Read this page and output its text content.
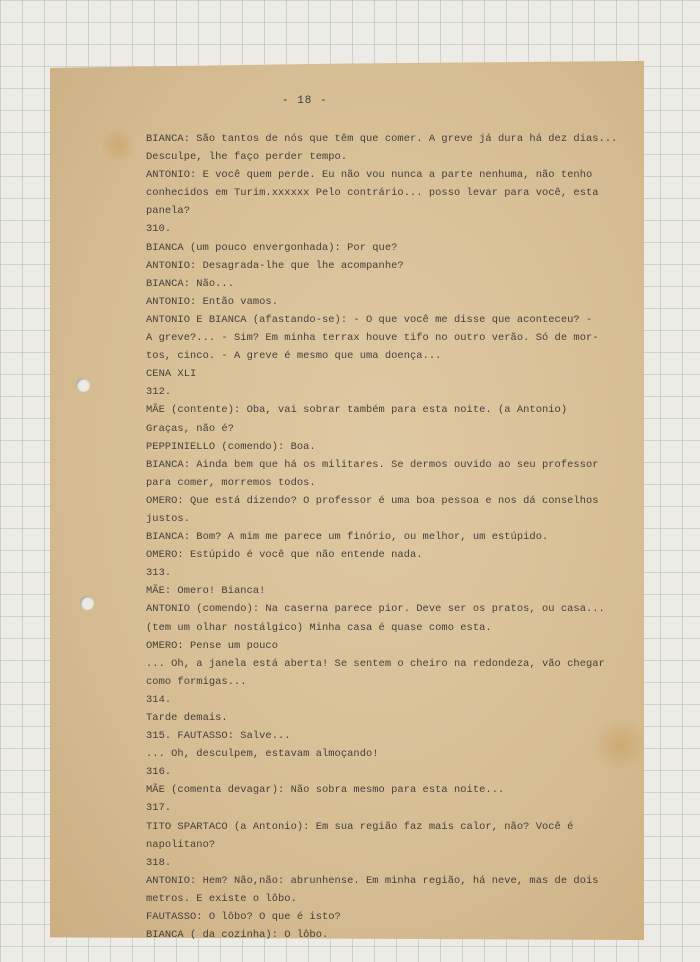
- 18 -
BIANCA: São tantos de nós que têm que comer. A greve já dura há dez dias...
Desculpe, lhe faço perder tempo.
ANTONIO: E você quem perde. Eu não vou nunca a parte nenhuma, não tenho
conhecidos em Turim.xxxxxx Pelo contrário... posso levar para você, esta
panela?
310.
BIANCA (um pouco envergonhada): Por que?
ANTONIO: Desagrada-lhe que lhe acompanhe?
BIANCA: Não...
ANTONIO: Então vamos.
ANTONIO E BIANCA (afastando-se): - O que você me disse que aconteceu? -
A greve?... - Sim? Em minha terrax houve tifo no outro verão. Só de mor-
tos, cinco. - A greve é mesmo que uma doença...
CENA XLI
312.
MÃE (contente): Oba, vai sobrar também para esta noite. (a Antonio)
Graças, não é?
PEPPINIELLO (comendo): Boa.
BIANCA: Ainda bem que há os militares. Se dermos ouvido ao seu professor
para comer, morremos todos.
OMERO: Que está dizendo? O professor é uma boa pessoa e nos dá conselhos
justos.
BIANCA: Bom? A mim me parece um finório, ou melhor, um estúpido.
OMERO: Estúpido é você que não entende nada.
313.
MÃE: Omero! Bianca!
ANTONIO (comendo): Na caserna parece pior. Deve ser os pratos, ou casa...
(tem um olhar nostálgico) Minha casa é quase como esta.
OMERO: Pense um pouco
... Oh, a janela está aberta! Se sentem o cheiro na redondeza, vão chegar
como formigas...
314.
Tarde demais.
315. FAUTASSO: Salve...
... Oh, desculpem, estavam almoçando!
316.
MÃE (comenta devagar): Não sobra mesmo para esta noite...
317.
TITO SPARTACO (a Antonio): Em sua região faz mais calor, não? Você é
napolitano?
318.
ANTONIO: Hem? Não,não: abrunhense. Em minha região, há neve, mas de dois
metros. E existe o lôbo.
FAUTASSO: O lôbo? O que é isto?
BIANCA ( da cozinha): O lôbo.
